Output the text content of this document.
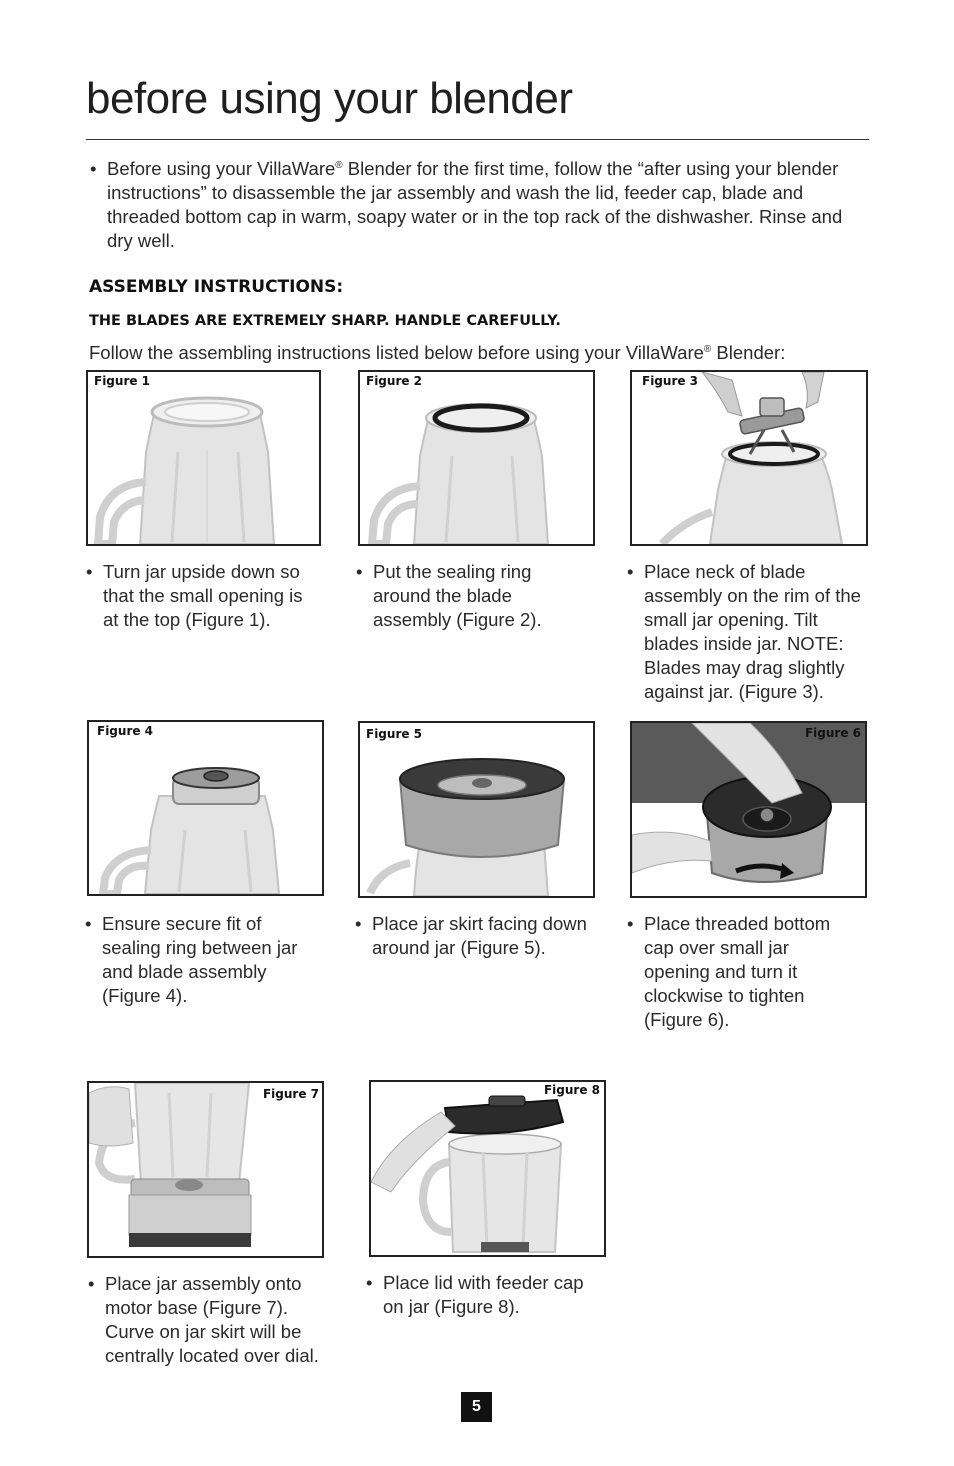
before using your blender
• Before using your VillaWare® Blender for the first time, follow the “after using your blender instructions” to disassemble the jar assembly and wash the lid, feeder cap, blade and threaded bottom cap in warm, soapy water or in the top rack of the dishwasher. Rinse and dry well.
ASSEMBLY INSTRUCTIONS:
THE BLADES ARE EXTREMELY SHARP. HANDLE CAREFULLY.

Follow the assembling instructions listed below before using your VillaWare® Blender:

Figure 1	Figure 2	Figure 3
• Turn jar upside down so that the small opening is at the top (Figure 1).
• Put the sealing ring around the blade assembly (Figure 2).
• Place neck of blade assembly on the rim of the small jar opening. Tilt blades inside jar. NOTE: Blades may drag slightly against jar. (Figure 3).
Figure 4	Figure 5	Figure 6
• Ensure secure fit of sealing ring between jar and blade assembly (Figure 4).
• Place jar skirt facing down around jar (Figure 5).
• Place threaded bottom cap over small jar opening and turn it clockwise to tighten (Figure 6).
Figure 7	Figure 8
• Place jar assembly onto motor base (Figure 7). Curve on jar skirt will be centrally located over dial.
• Place lid with feeder cap on jar (Figure 8).
5
